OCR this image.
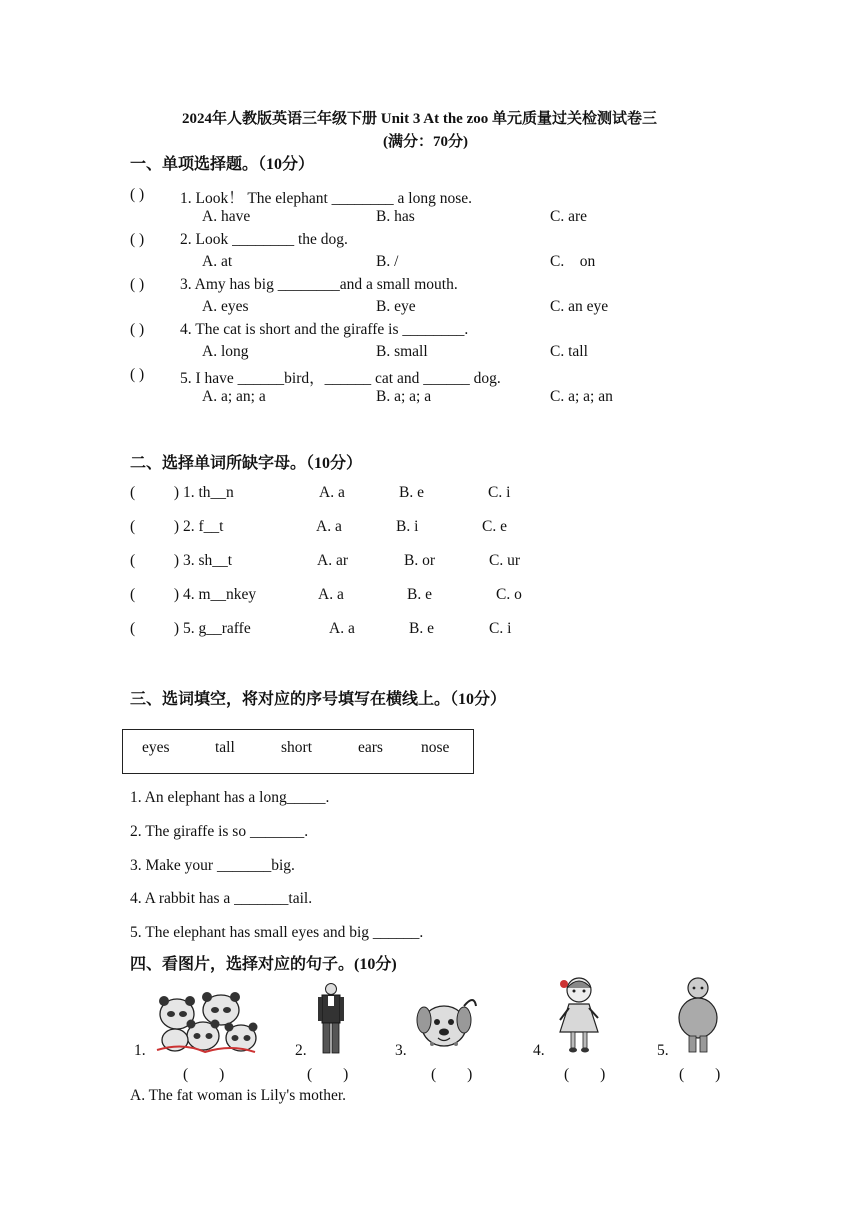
2024年人教版英语三年级下册 Unit 3 At the zoo 单元质量过关检测试卷三
(满分：70分)
一、单项选择题。（10分）
( ) 1. Look！ The elephant ________ a long nose.
A. have	B. has	C. are
( ) 2. Look ________ the dog.
A. at	B. /	C.    on
( ) 3. Amy has big ________and a small mouth.
A. eyes	B. eye	C. an eye
( ) 4. The cat is short and the giraffe is ________.
A. long	B. small	C. tall
( ) 5. I have ______bird，______ cat and ______ dog.
A. a; an; a	B. a; a; a	C. a; a; an
二、选择单词所缺字母。（10分）
(          ) 1. th__n	A. a	B. e	C. i
(          ) 2. f__t	A. a	B. i	C. e
(          ) 3. sh__t	A. ar	B. or	C. ur
(          ) 4. m__nkey	A. a	B. e	C. o
(          ) 5. g__raffe	A. a	B. e	C. i
三、选词填空，将对应的序号填写在横线上。（10分）
eyes	tall	short	ears nose
1. An elephant has a long_____.
2. The giraffe is so _______.
3. Make your _______big.
4. A rabbit has a _______tail.
5. The elephant has small eyes and big ______.
四、看图片，选择对应的句子。(10分)
1.
(        )
2.
(        )
3.
(        )
4.
(        )
5.
(        )
A. The fat woman is Lily's mother.
